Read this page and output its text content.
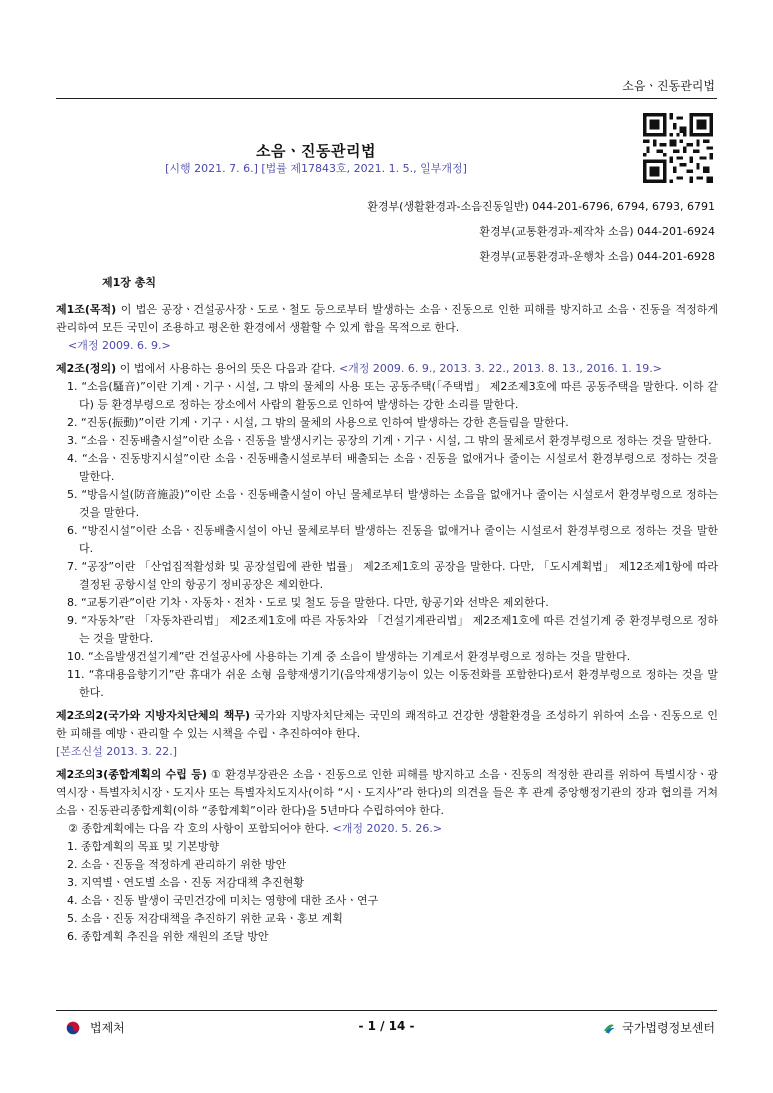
소음ㆍ진동관리법
소음ㆍ진동관리법
[시행 2021. 7. 6.] [법률 제17843호, 2021. 1. 5., 일부개정]
환경부(생활환경과-소음진동일반) 044-201-6796, 6794, 6793, 6791
환경부(교통환경과-제작차 소음) 044-201-6924
환경부(교통환경과-운행차 소음) 044-201-6928
제1장 총칙
제1조(목적) 이 법은 공장ㆍ건설공사장ㆍ도로ㆍ철도 등으로부터 발생하는 소음ㆍ진동으로 인한 피해를 방지하고 소음ㆍ진동을 적정하게 관리하여 모든 국민이 조용하고 평온한 환경에서 생활할 수 있게 함을 목적으로 한다.
<개정 2009. 6. 9.>
제2조(정의) 이 법에서 사용하는 용어의 뜻은 다음과 같다. <개정 2009. 6. 9., 2013. 3. 22., 2013. 8. 13., 2016. 1. 19.>
1. “소음(騷音)”이란 기계ㆍ기구ㆍ시설, 그 밖의 물체의 사용 또는 공동주택(「주택법」 제2조제3호에 따른 공동주택을 말한다. 이하 같다) 등 환경부령으로 정하는 장소에서 사람의 활동으로 인하여 발생하는 강한 소리를 말한다.
2. “진동(振動)”이란 기계ㆍ기구ㆍ시설, 그 밖의 물체의 사용으로 인하여 발생하는 강한 흔들림을 말한다.
3. “소음ㆍ진동배출시설”이란 소음ㆍ진동을 발생시키는 공장의 기계ㆍ기구ㆍ시설, 그 밖의 물체로서 환경부령으로 정하는 것을 말한다.
4. “소음ㆍ진동방지시설”이란 소음ㆍ진동배출시설로부터 배출되는 소음ㆍ진동을 없애거나 줄이는 시설로서 환경부령으로 정하는 것을 말한다.
5. “방음시설(防音施設)”이란 소음ㆍ진동배출시설이 아닌 물체로부터 발생하는 소음을 없애거나 줄이는 시설로서 환경부령으로 정하는 것을 말한다.
6. “방진시설”이란 소음ㆍ진동배출시설이 아닌 물체로부터 발생하는 진동을 없애거나 줄이는 시설로서 환경부령으로 정하는 것을 말한다.
7. “공장”이란 「산업집적활성화 및 공장설립에 관한 법률」 제2조제1호의 공장을 말한다. 다만, 「도시계획법」 제12조제1항에 따라 결정된 공항시설 안의 항공기 정비공장은 제외한다.
8. “교통기관”이란 기차ㆍ자동차ㆍ전차ㆍ도로 및 철도 등을 말한다. 다만, 항공기와 선박은 제외한다.
9. “자동차”란 「자동차관리법」 제2조제1호에 따른 자동차와 「건설기계관리법」 제2조제1호에 따른 건설기계 중 환경부령으로 정하는 것을 말한다.
10. “소음발생건설기계”란 건설공사에 사용하는 기계 중 소음이 발생하는 기계로서 환경부령으로 정하는 것을 말한다.
11. “휴대용음향기기”란 휴대가 쉬운 소형 음향재생기기(음악재생기능이 있는 이동전화를 포함한다)로서 환경부령으로 정하는 것을 말한다.
제2조의2(국가와 지방자치단체의 책무) 국가와 지방자치단체는 국민의 쾌적하고 건강한 생활환경을 조성하기 위하여 소음ㆍ진동으로 인한 피해를 예방ㆍ관리할 수 있는 시책을 수립ㆍ추진하여야 한다.
[본조신설 2013. 3. 22.]
제2조의3(종합계획의 수립 등) ① 환경부장관은 소음ㆍ진동으로 인한 피해를 방지하고 소음ㆍ진동의 적정한 관리를 위하여 특별시장ㆍ광역시장ㆍ특별자치시장ㆍ도지사 또는 특별자치도지사(이하 “시ㆍ도지사”라 한다)의 의견을 들은 후 관계 중앙행정기관의 장과 협의를 거쳐 소음ㆍ진동관리종합계획(이하 “종합계획”이라 한다)을 5년마다 수립하여야 한다.
② 종합계획에는 다음 각 호의 사항이 포함되어야 한다. <개정 2020. 5. 26.>
1. 종합계획의 목표 및 기본방향
2. 소음ㆍ진동을 적정하게 관리하기 위한 방안
3. 지역별ㆍ연도별 소음ㆍ진동 저감대책 추진현황
4. 소음ㆍ진동 발생이 국민건강에 미치는 영향에 대한 조사ㆍ연구
5. 소음ㆍ진동 저감대책을 추진하기 위한 교육ㆍ홍보 계획
6. 종합계획 추진을 위한 재원의 조달 방안
법제처	- 1 / 14 -	국가법령정보센터
